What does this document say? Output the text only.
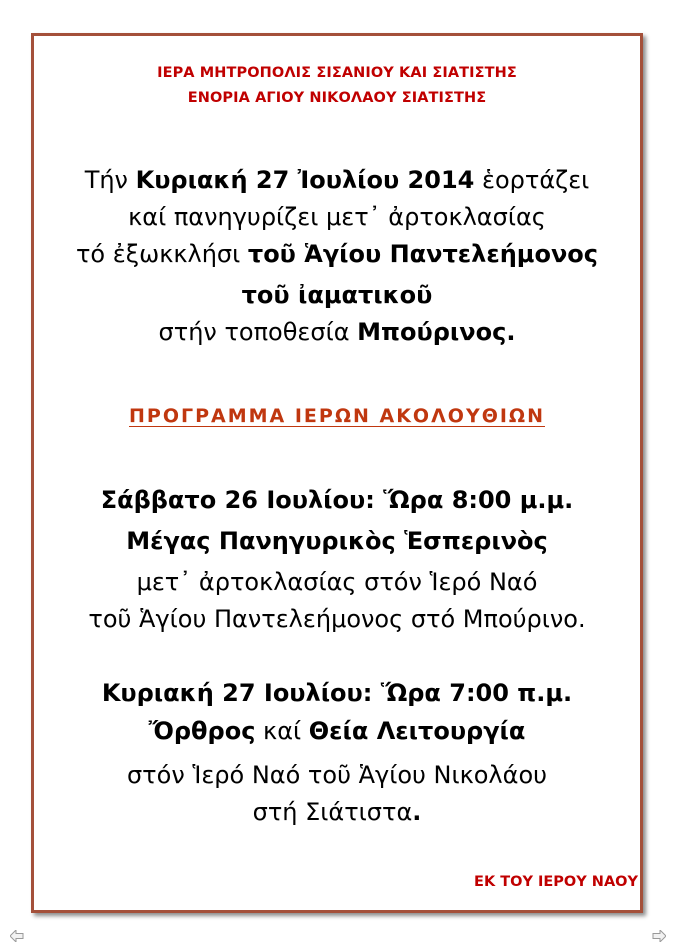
ΙΕΡΑ ΜΗΤΡΟΠΟΛΙΣ ΣΙΣΑΝΙΟΥ ΚΑΙ ΣΙΑΤΙΣΤΗΣ
ΕΝΟΡΙΑ ΑΓΙΟΥ ΝΙΚΟΛΑΟΥ ΣΙΑΤΙΣΤΗΣ
Τήν Κυριακή 27 Ἰουλίου 2014 ἑορτάζει
καί πανηγυρίζει μετ᾽ ἀρτοκλασίας
τό ἐξωκκλήσι τοῦ Ἁγίου Παντελεήμονος
τοῦ ἰαματικοῦ
στήν τοποθεσία Μπούρινος.
ΠΡΟΓΡΑΜΜΑ ΙΕΡΩΝ ΑΚΟΛΟΥΘΙΩΝ
Σάββατο 26 Ιουλίου: Ὥρα 8:00 μ.μ.
Μέγας Πανηγυρικὸς Ἑσπερινὸς
μετ᾽ ἀρτοκλασίας στόν Ἱερό Ναό
τοῦ Ἁγίου Παντελεήμονος στό Μπούρινο.
Κυριακή 27 Ιουλίου: Ὥρα 7:00 π.μ.
Ὄρθρος καί Θεία Λειτουργία
στόν Ἱερό Ναό τοῦ Ἁγίου Νικολάου
στή Σιάτιστα.
ΕΚ ΤΟΥ ΙΕΡΟΥ ΝΑΟΥ
